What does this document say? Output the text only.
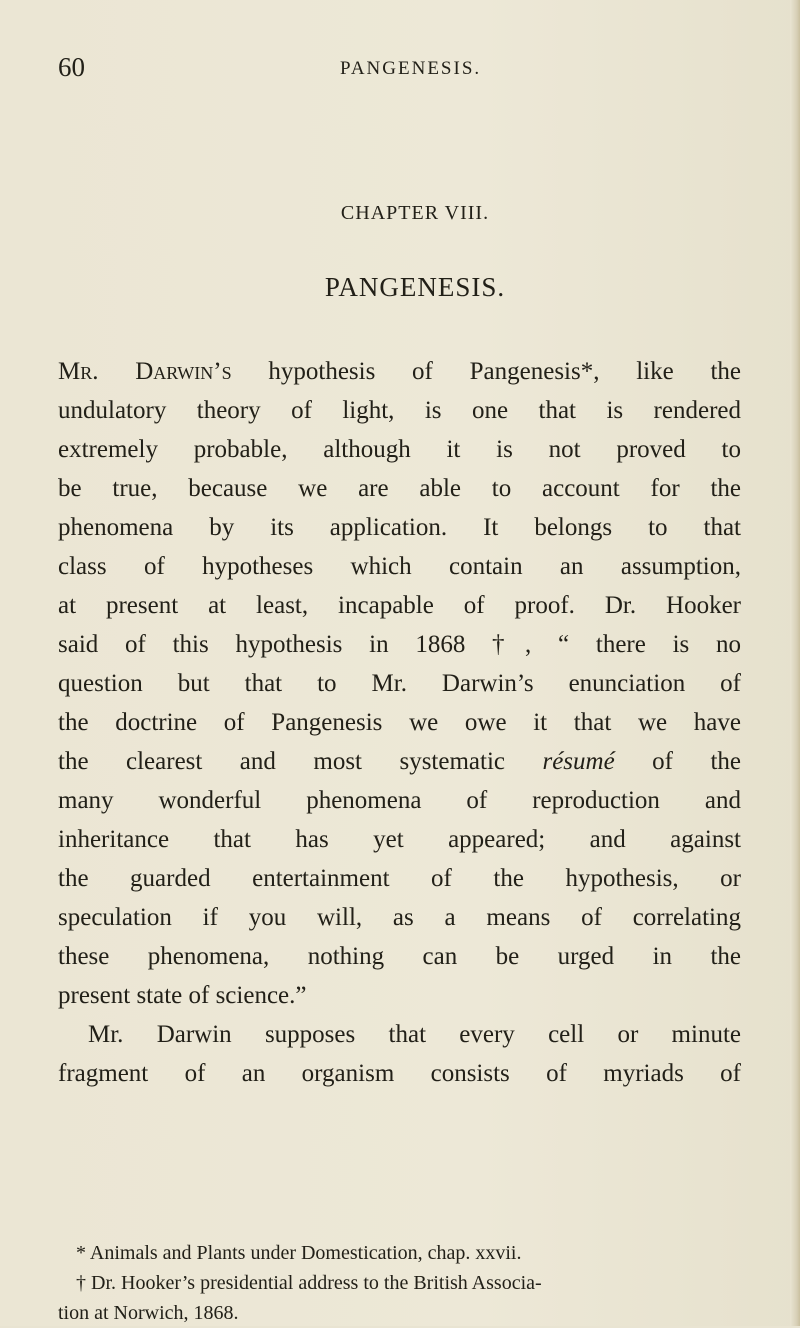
60	PANGENESIS.
CHAPTER VIII.
PANGENESIS.
Mr. Darwin’s hypothesis of Pangenesis*, like the
undulatory theory of light, is one that is rendered
extremely probable, although it is not proved to
be true, because we are able to account for the
phenomena by its application. It belongs to that
class of hypotheses which contain an assumption,
at present at least, incapable of proof. Dr. Hooker
said of this hypothesis in 1868 †, “ there is no
question but that to Mr. Darwin’s enunciation of
the doctrine of Pangenesis we owe it that we have
the clearest and most systematic résumé of the
many wonderful phenomena of reproduction and
inheritance that has yet appeared; and against
the guarded entertainment of the hypothesis, or
speculation if you will, as a means of correlating
these phenomena, nothing can be urged in the
present state of science.”
Mr. Darwin supposes that every cell or minute
fragment of an organism consists of myriads of
* Animals and Plants under Domestication, chap. xxvii.
† Dr. Hooker’s presidential address to the British Associa-
tion at Norwich, 1868.
